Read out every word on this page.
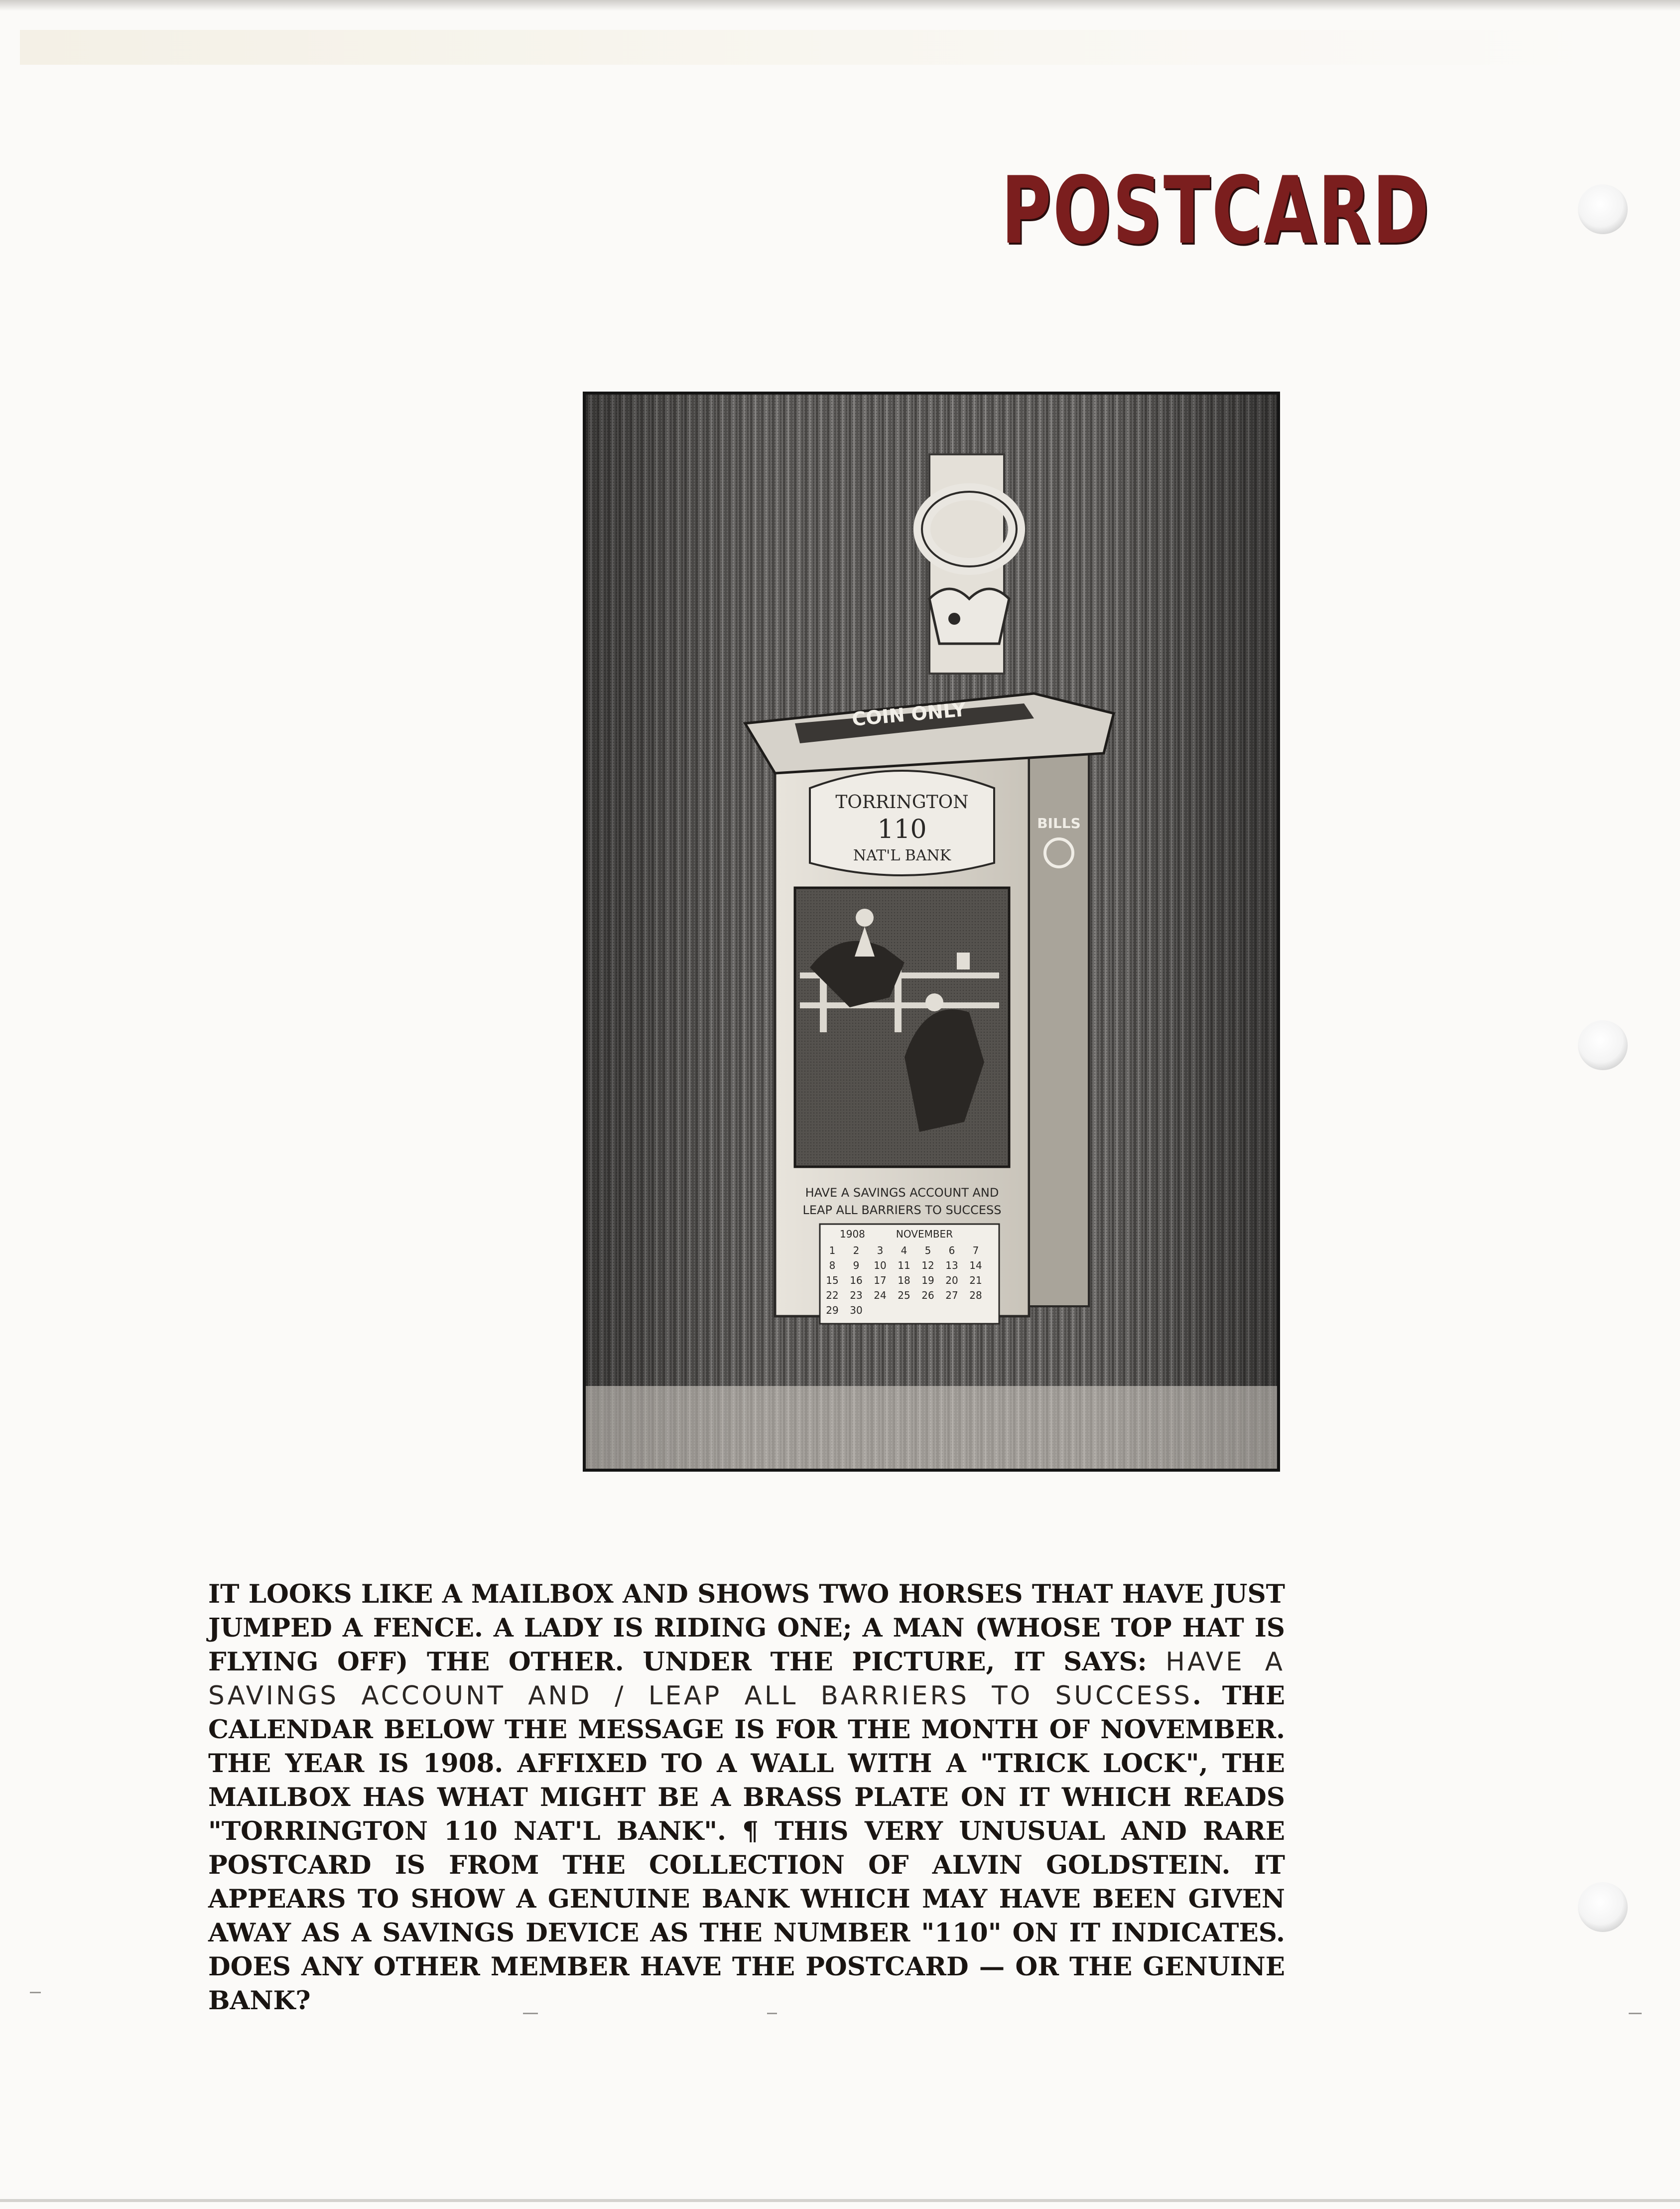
POSTCARD
COIN ONLY
BILLS
TORRINGTON
110
NAT'L BANK
HAVE A SAVINGS ACCOUNT AND
LEAP ALL BARRIERS TO SUCCESS
1908	NOVEMBER
1 2 3 4 5 6 7
8 9 10 11 12 13 14
15 16 17 18 19 20 21
22 23 24 25 26 27 28
29 30
IT LOOKS LIKE A MAILBOX AND SHOWS TWO HORSES THAT HAVE JUST JUMPED A FENCE. A LADY IS RIDING ONE; A MAN (WHOSE TOP HAT IS FLYING OFF) THE OTHER. UNDER THE PICTURE, IT SAYS: HAVE A SAVINGS ACCOUNT AND / LEAP ALL BARRIERS TO SUCCESS. THE CALENDAR BELOW THE MESSAGE IS FOR THE MONTH OF NOVEMBER. THE YEAR IS 1908. AFFIXED TO A WALL WITH A "TRICK LOCK", THE MAILBOX HAS WHAT MIGHT BE A BRASS PLATE ON IT WHICH READS "TORRINGTON 110 NAT'L BANK". ¶ THIS VERY UNUSUAL AND RARE POSTCARD IS FROM THE COLLECTION OF ALVIN GOLDSTEIN. IT APPEARS TO SHOW A GENUINE BANK WHICH MAY HAVE BEEN GIVEN AWAY AS A SAVINGS DEVICE AS THE NUMBER "110" ON IT INDICATES. DOES ANY OTHER MEMBER HAVE THE POSTCARD — OR THE GENUINE BANK?
